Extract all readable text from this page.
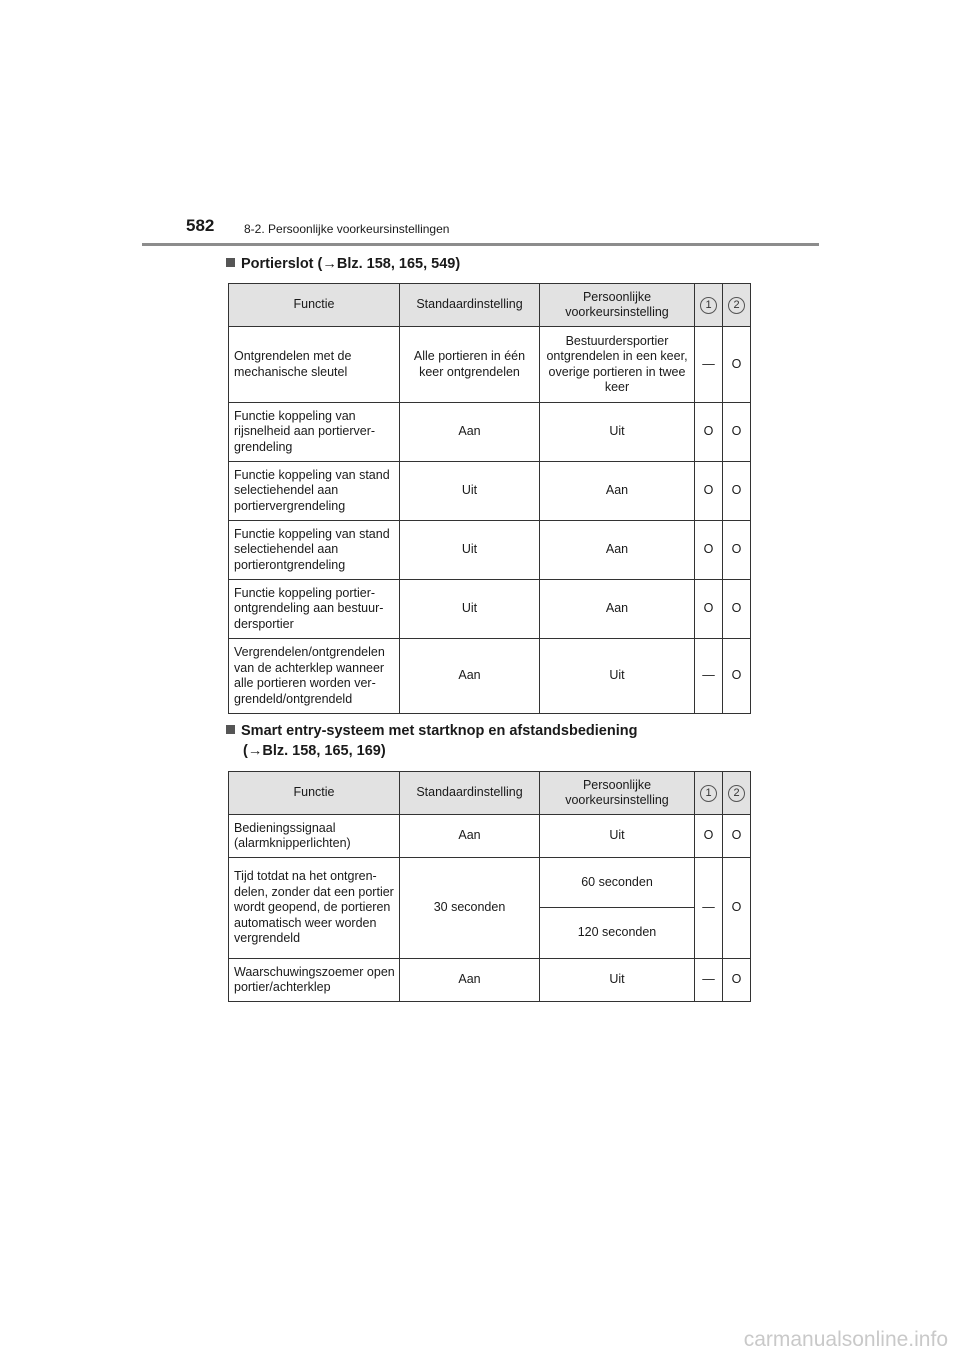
582 8-2. Persoonlijke voorkeursinstellingen
Portierslot (→Blz. 158, 165, 549)
Functie	Standaardinstelling	Persoonlijke voorkeursinstelling	1	2
Ontgrendelen met de mechanische sleutel	Alle portieren in één keer ontgrendelen	Bestuurdersportier ontgrendelen in een keer, overige portieren in twee keer	—	O
Functie koppeling van rijsnelheid aan portierver-grendeling	Aan	Uit	O	O
Functie koppeling van stand selectiehendel aan portiervergrendeling	Uit	Aan	O	O
Functie koppeling van stand selectiehendel aan portierontgrendeling	Uit	Aan	O	O
Functie koppeling portier-ontgrendeling aan bestuur-dersportier	Uit	Aan	O	O
Vergrendelen/ontgrendelen van de achterklep wanneer alle portieren worden ver-grendeld/ontgrendeld	Aan	Uit	—	O
Smart entry-systeem met startknop en afstandsbediening
(→Blz. 158, 165, 169)
Functie	Standaardinstelling	Persoonlijke voorkeursinstelling	1	2
Bedieningssignaal (alarmknipperlichten)	Aan	Uit	O	O
Tijd totdat na het ontgren-delen, zonder dat een portier wordt geopend, de portieren automatisch weer worden vergrendeld	30 seconden	60 seconden	—	O
		120 seconden		
Waarschuwingszoemer open portier/achterklep	Aan	Uit	—	O
carmanualsonline.info
